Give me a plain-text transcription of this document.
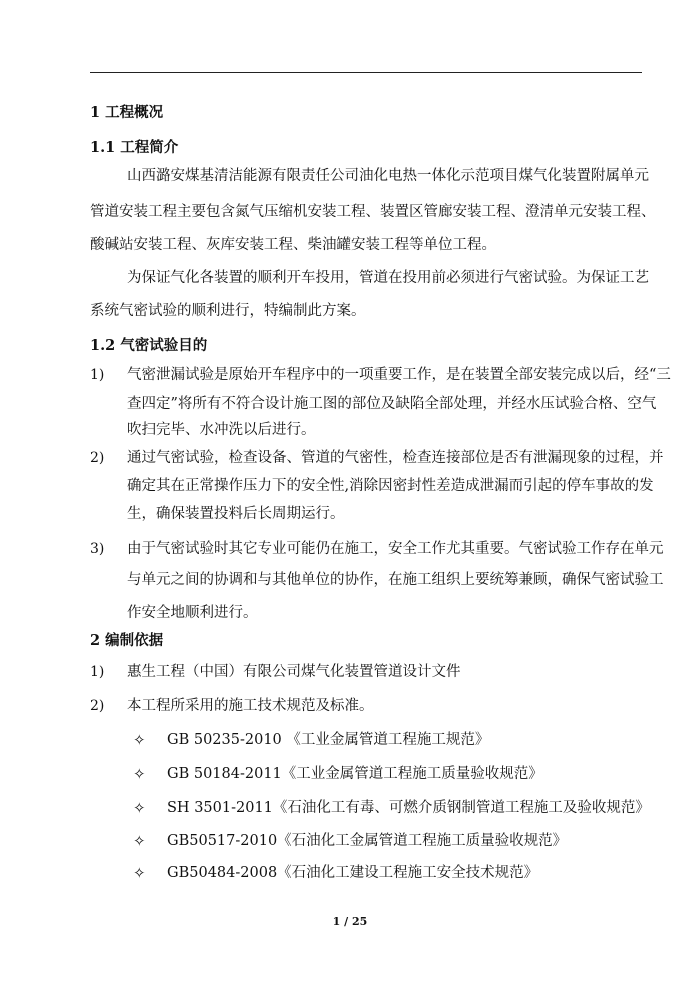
1 工程概况
1.1 工程简介
山西潞安煤基清洁能源有限责任公司油化电热一体化示范项目煤气化装置附属单元
管道安装工程主要包含氮气压缩机安装工程、装置区管廊安装工程、澄清单元安装工程、
酸碱站安装工程、灰库安装工程、柴油罐安装工程等单位工程。
为保证气化各装置的顺利开车投用，管道在投用前必须进行气密试验。为保证工艺
系统气密试验的顺利进行，特编制此方案。
1.2 气密试验目的
1) 气密泄漏试验是原始开车程序中的一项重要工作，是在装置全部安装完成以后，经“三
查四定”将所有不符合设计施工图的部位及缺陷全部处理，并经水压试验合格、空气
吹扫完毕、水冲洗以后进行。
2) 通过气密试验，检查设备、管道的气密性，检查连接部位是否有泄漏现象的过程，并
确定其在正常操作压力下的安全性,消除因密封性差造成泄漏而引起的停车事故的发
生，确保装置投料后长周期运行。
3) 由于气密试验时其它专业可能仍在施工，安全工作尤其重要。气密试验工作存在单元
与单元之间的协调和与其他单位的协作，在施工组织上要统筹兼顾，确保气密试验工
作安全地顺利进行。
2 编制依据
1) 惠生工程（中国）有限公司煤气化装置管道设计文件
2) 本工程所采用的施工技术规范及标准。
✧ GB 50235-2010 《工业金属管道工程施工规范》
✧ GB 50184-2011《工业金属管道工程施工质量验收规范》
✧ SH 3501-2011《石油化工有毒、可燃介质钢制管道工程施工及验收规范》
✧ GB50517-2010《石油化工金属管道工程施工质量验收规范》
✧ GB50484-2008《石油化工建设工程施工安全技术规范》
1 / 25
